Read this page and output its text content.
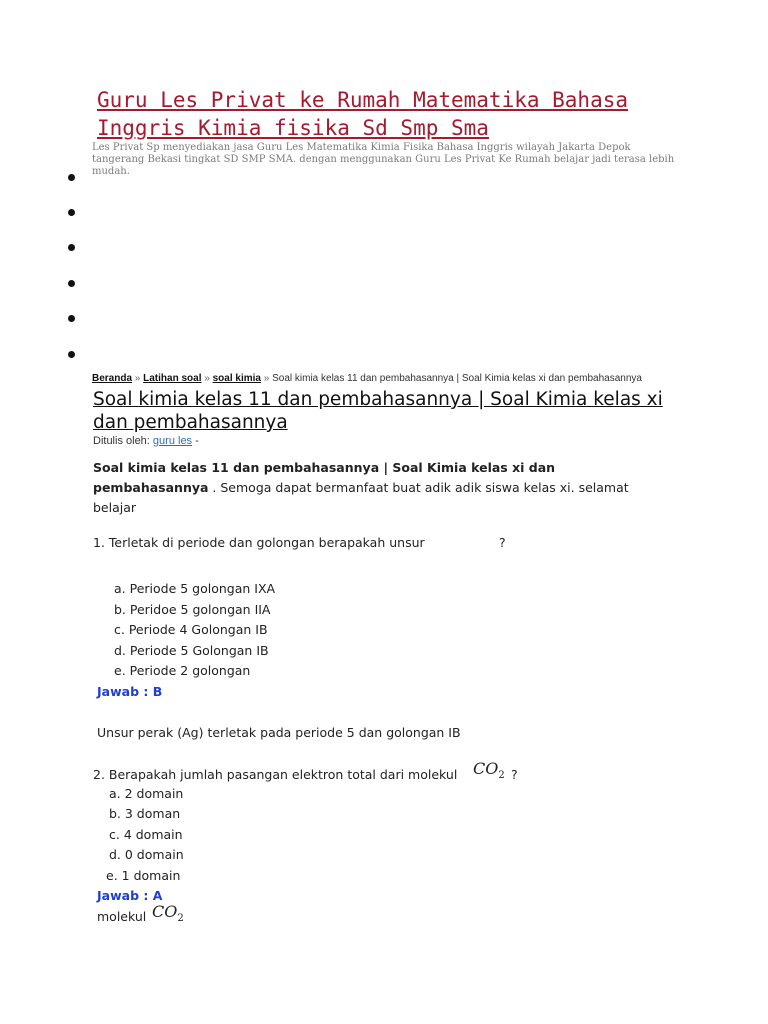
Guru Les Privat ke Rumah Matematika Bahasa Inggris Kimia fisika Sd Smp Sma
Les Privat Sp menyediakan jasa Guru Les Matematika Kimia Fisika Bahasa Inggris wilayah Jakarta Depok tangerang Bekasi tingkat SD SMP SMA. dengan menggunakan Guru Les Privat Ke Rumah belajar jadi terasa lebih mudah.
Beranda » Latihan soal » soal kimia » Soal kimia kelas 11 dan pembahasannya | Soal Kimia kelas xi dan pembahasannya
Soal kimia kelas 11 dan pembahasannya | Soal Kimia kelas xi dan pembahasannya
Ditulis oleh: guru les -
Soal kimia kelas 11 dan pembahasannya | Soal Kimia kelas xi dan pembahasannya . Semoga dapat bermanfaat buat adik adik siswa kelas xi. selamat belajar
1. Terletak di periode dan golongan berapakah unsur	?
a. Periode 5 golongan IXA
b. Peridoe 5 golongan IIA
c. Periode 4 Golongan IB
d. Periode 5 Golongan IB
e. Periode 2 golongan
Jawab : B
Unsur perak (Ag) terletak pada periode 5 dan golongan IB
2. Berapakah jumlah pasangan elektron total dari molekul $CO_2$ ?
a. 2 domain
b. 3 doman
c. 4 domain
d. 0 domain
e. 1 domain
Jawab : A
molekul $CO_2$
